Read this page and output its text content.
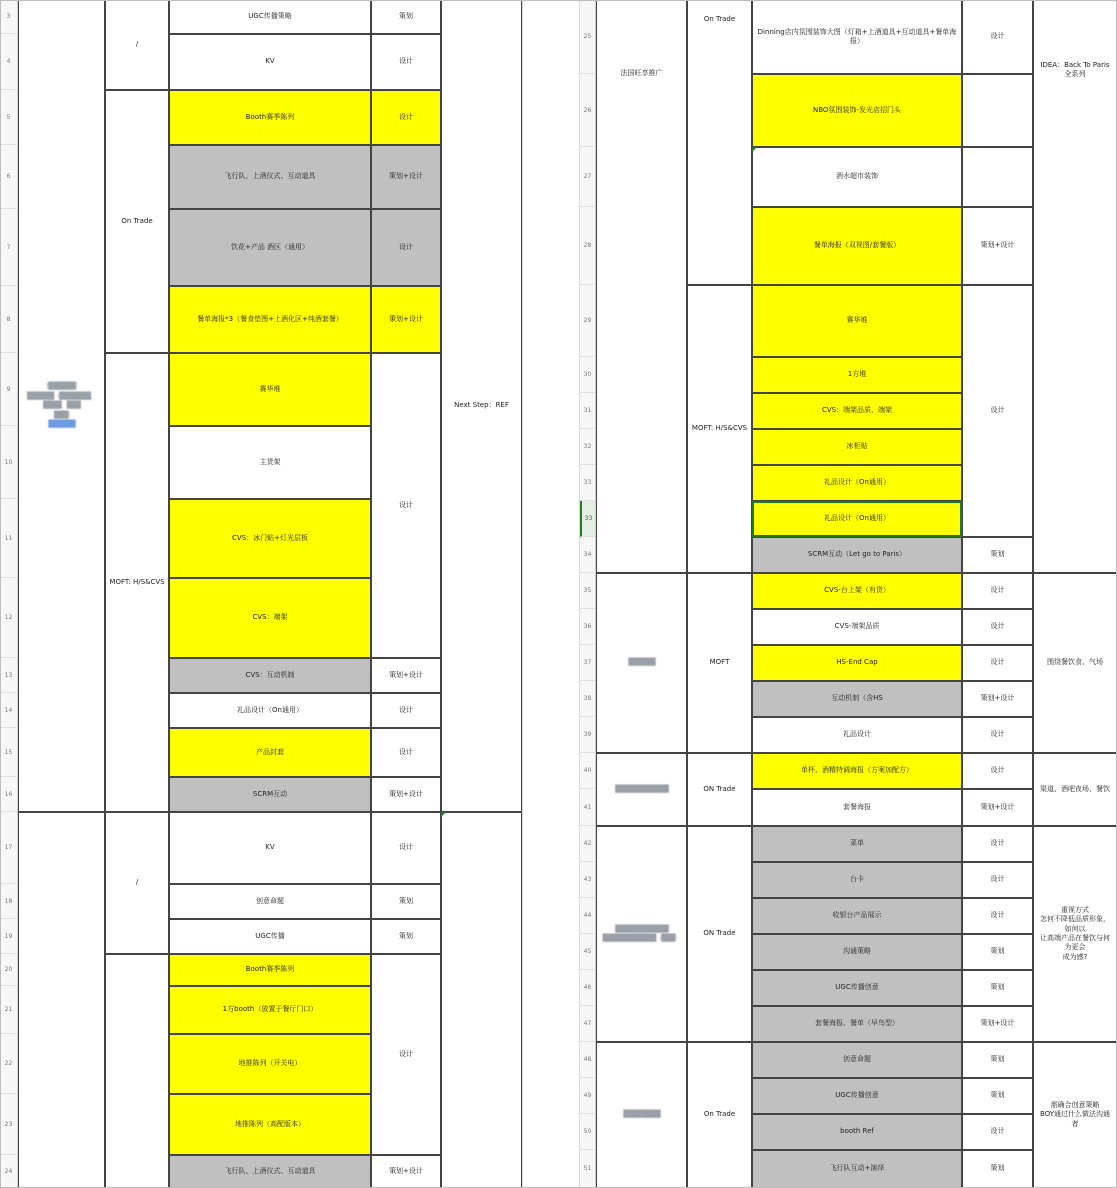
3
4
5
6
7
8
9
10
11
12
13
14
15
16
17
18
19
20
21
22
23
24
[██████]
██████（███████、████、███
███]

██████
/
On Trade
MOFT: H/S&CVS
/
UGC传播策略
KV
Booth赛季陈列
飞行队、上酒仪式、互动道具
饮花+产品 酒区（通用）
餐单海报*3（餐食垫图+上酒化区+纯酒套餐）
赛华堆
主货架
CVS：冰门贴+灯光层板
CVS：端架
CVS：互动机制
礼品设计（On通用）
产品封套
SCRM互动
KV
创意命题
UGC传播
Booth赛季陈列
1方booth（放置于餐厅门口）
地推陈列（开关电）
地推陈列（高配版本）
飞行队、上酒仪式、互动道具
策划
设计
设计
策划+设计
设计
策划+设计
设计
策划+设计
设计
设计
策划+设计
设计
策划
策划
设计
策划+设计
Next Step：REF
25
26
27
28
29
30
31
32
33
33
34
35
36
37
38
39
40
41
42
43
44
45
46
47
48
49
50
51
法国旺享推广
██████
████████████
████████████
████████████（███）
████ ████
On Trade
MOFT: H/S&CVS
MOFT
ON Trade
ON Trade
On Trade
Dinning店内氛围装饰大图（灯箱+上酒道具+互动道具+餐单海报）
NBO氛围装饰-发光店招门头
酒水超市装饰
餐单海报（双视图/套餐版）
赛华堆
1方堆
CVS：端架品质、端架
冰柜贴
礼品设计（On通用）
礼品设计（On通用）
SCRM互动（Let go to Paris）
CVS-台上架（有货）
CVS-端架品质
HS-End Cap
互动机制（含HS
礼品设计
单杯、酒精特调海报（方案加配方）
套餐海报
菜单
台卡
收银台产品展示
沟通策略
UGC传播创意
套餐海报、餐单（早鸟型）
创意命题
UGC传播创意
booth Ref
飞行队互动+演绎
设计
策划+设计
设计
策划
设计
设计
设计
策划+设计
设计
设计
策划+设计
设计
设计
设计
策划
策划
策划+设计
策划
策划
设计
策划
IDEA：Back To Paris
全系列
围绕餐饮食、气场
渠道、酒吧夜场、餐饮
重视方式
怎何不降低品质形象，如何以
让高端产品在餐饮与何为更会
成为感?
需确合创意策略
BOY通过什么做法沟通者
